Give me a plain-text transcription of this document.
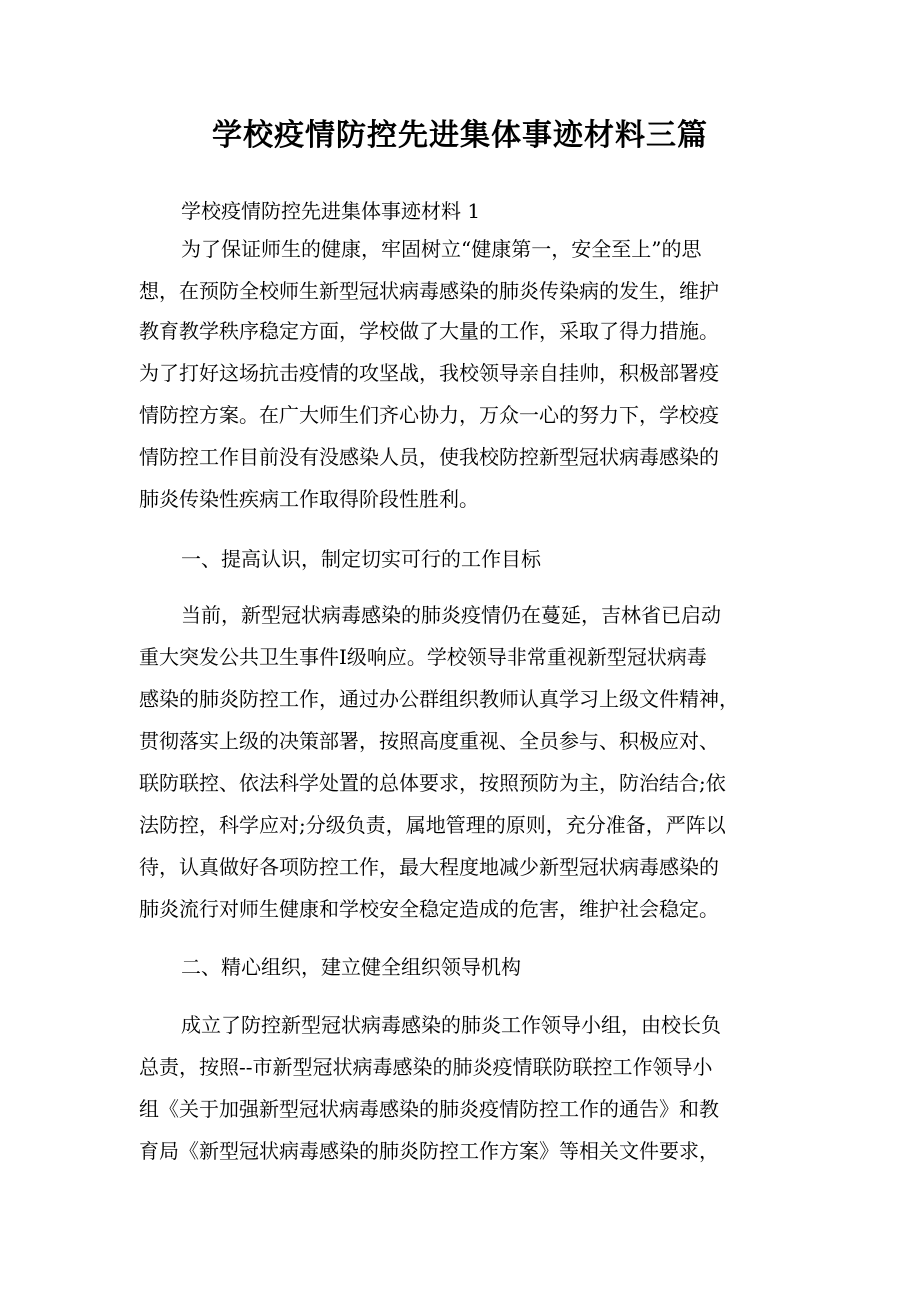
学校疫情防控先进集体事迹材料三篇
学校疫情防控先进集体事迹材料 1
为了保证师生的健康，牢固树立“健康第一，安全至上”的思
想，在预防全校师生新型冠状病毒感染的肺炎传染病的发生，维护
教育教学秩序稳定方面，学校做了大量的工作，采取了得力措施。
为了打好这场抗击疫情的攻坚战，我校领导亲自挂帅，积极部署疫
情防控方案。在广大师生们齐心协力，万众一心的努力下，学校疫
情防控工作目前没有没感染人员，使我校防控新型冠状病毒感染的
肺炎传染性疾病工作取得阶段性胜利。
一、提高认识，制定切实可行的工作目标
当前，新型冠状病毒感染的肺炎疫情仍在蔓延，吉林省已启动
重大突发公共卫生事件Ⅰ级响应。学校领导非常重视新型冠状病毒
感染的肺炎防控工作，通过办公群组织教师认真学习上级文件精神，
贯彻落实上级的决策部署，按照高度重视、全员参与、积极应对、
联防联控、依法科学处置的总体要求，按照预防为主，防治结合;依
法防控，科学应对;分级负责，属地管理的原则，充分准备，严阵以
待，认真做好各项防控工作，最大程度地减少新型冠状病毒感染的
肺炎流行对师生健康和学校安全稳定造成的危害，维护社会稳定。
二、精心组织，建立健全组织领导机构
成立了防控新型冠状病毒感染的肺炎工作领导小组，由校长负
总责，按照--市新型冠状病毒感染的肺炎疫情联防联控工作领导小
组《关于加强新型冠状病毒感染的肺炎疫情防控工作的通告》和教
育局《新型冠状病毒感染的肺炎防控工作方案》等相关文件要求，
